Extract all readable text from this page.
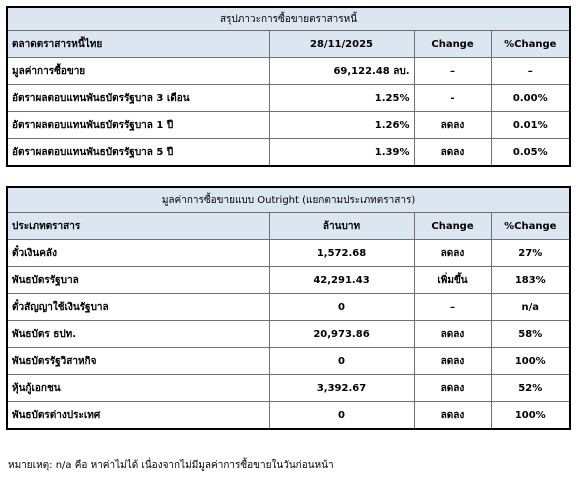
สรุปภาวะการซื้อขายตราสารหนี้			
ตลาดตราสารหนี้ไทย	28/11/2025	Change	%Change
มูลค่าการซื้อขาย	69,122.48 ลบ.	–	–
อัตราผลตอบแทนพันธบัตรรัฐบาล 3 เดือน	1.25%	-	0.00%
อัตราผลตอบแทนพันธบัตรรัฐบาล 1 ปี	1.26%	ลดลง	0.01%
อัตราผลตอบแทนพันธบัตรรัฐบาล 5 ปี	1.39%	ลดลง	0.05%
มูลค่าการซื้อขายแบบ Outright (แยกตามประเภทตราสาร)			
ประเภทตราสาร	ล้านบาท	Change	%Change
ตั๋วเงินคลัง	1,572.68	ลดลง	27%
พันธบัตรรัฐบาล	42,291.43	เพิ่มขึ้น	183%
ตั๋วสัญญาใช้เงินรัฐบาล	0	–	n/a
พันธบัตร ธปท.	20,973.86	ลดลง	58%
พันธบัตรรัฐวิสาหกิจ	0	ลดลง	100%
หุ้นกู้เอกชน	3,392.67	ลดลง	52%
พันธบัตรต่างประเทศ	0	ลดลง	100%
หมายเหตุ: n/a คือ หาค่าไม่ได้ เนื่องจากไม่มีมูลค่าการซื้อขายในวันก่อนหน้า
